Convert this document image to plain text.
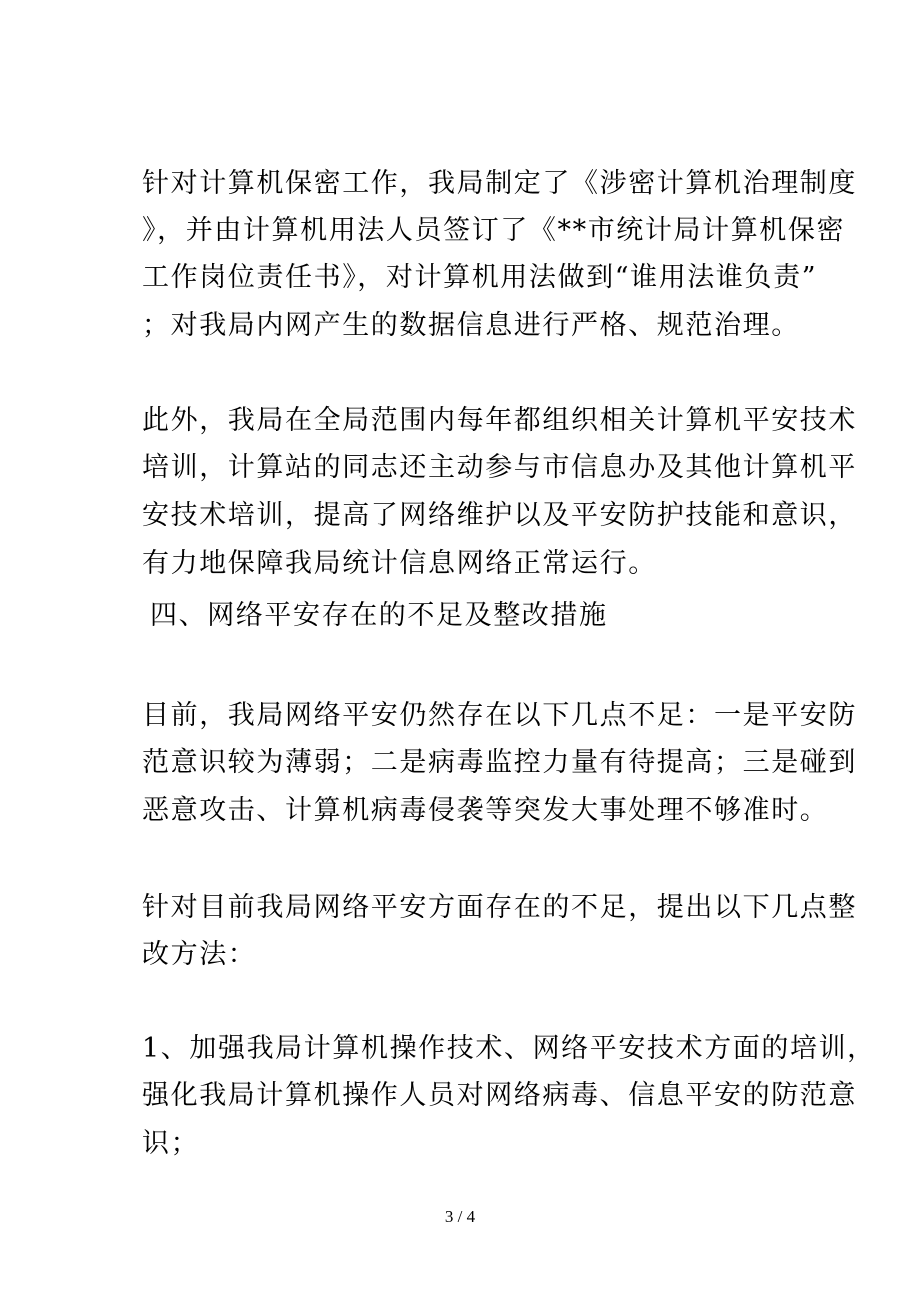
针对计算机保密工作，我局制定了《涉密计算机治理制度
》，并由计算机用法人员签订了《**市统计局计算机保密
工作岗位责任书》，对计算机用法做到“谁用法谁负责”
；对我局内网产生的数据信息进行严格、规范治理。
此外，我局在全局范围内每年都组织相关计算机平安技术
培训，计算站的同志还主动参与市信息办及其他计算机平
安技术培训，提高了网络维护以及平安防护技能和意识，
有力地保障我局统计信息网络正常运行。
四、网络平安存在的不足及整改措施
目前，我局网络平安仍然存在以下几点不足：一是平安防
范意识较为薄弱；二是病毒监控力量有待提高；三是碰到
恶意攻击、计算机病毒侵袭等突发大事处理不够准时。
针对目前我局网络平安方面存在的不足，提出以下几点整
改方法：
1、加强我局计算机操作技术、网络平安技术方面的培训，
强化我局计算机操作人员对网络病毒、信息平安的防范意
识；
3 / 4
